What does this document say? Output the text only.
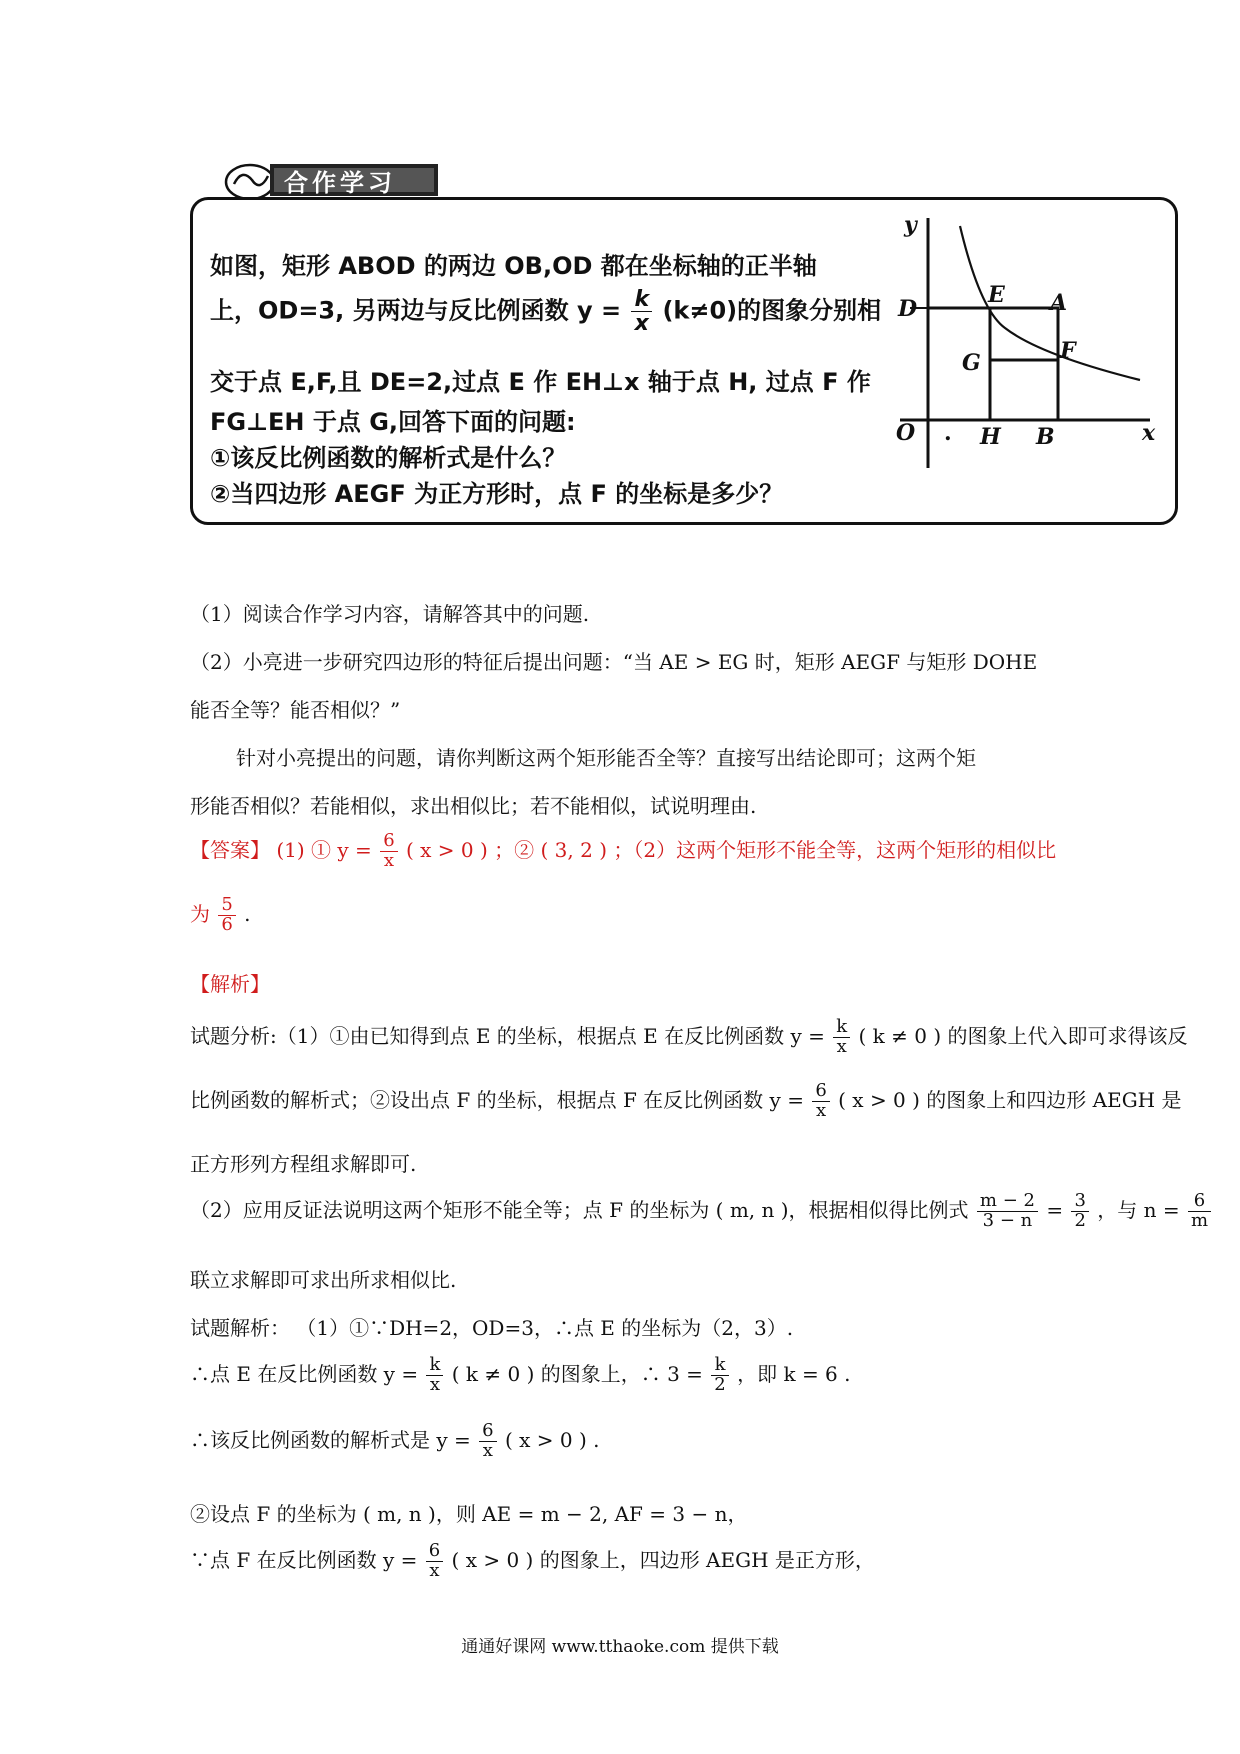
合作学习
如图，矩形 ABOD 的两边 OB,OD 都在坐标轴的正半轴
上，OD=3, 另两边与反比例函数 $y = \frac{k}{x} (k\ne 0)$的图象分别相
交于点 E,F,且 DE=2,过点 E 作 EH⊥x 轴于点 H, 过点 F 作
FG⊥EH 于点 G,回答下面的问题:
①该反比例函数的解析式是什么？
②当四边形 AEGF 为正方形时，点 F 的坐标是多少？
y
D
E A
F
G
O . H B	x
（1）阅读合作学习内容，请解答其中的问题.
（2）小亮进一步研究四边形的特征后提出问题：“当 AE > EG 时，矩形 AEGF 与矩形 DOHE
能否全等？能否相似？”
针对小亮提出的问题，请你判断这两个矩形能否全等？直接写出结论即可；这两个矩
形能否相似？若能相似，求出相似比；若不能相似，试说明理由.
【答案】 (1) ① $y = \frac{6}{x}$ ( x > 0 ) ；② ( 3, 2 ) ；（2）这两个矩形不能全等，这两个矩形的相似比
为 $\frac{5}{6}$ .
【解析】
试题分析:（1）①由已知得到点 E 的坐标，根据点 E 在反比例函数 $y = \frac{k}{x}$ ( k ≠ 0 ) 的图象上代入即可求得该反
比例函数的解析式；②设出点 F 的坐标，根据点 F 在反比例函数 $y = \frac{6}{x}$ ( x > 0 ) 的图象上和四边形 AEGH 是
正方形列方程组求解即可.
（2）应用反证法说明这两个矩形不能全等；点 F 的坐标为 ( m, n )，根据相似得比例式 $\frac{m - 2}{3 - n} = \frac{3}{2}$ ，与 $n = \frac{6}{m}$
联立求解即可求出所求相似比.
试题解析： （1）①∵DH=2，OD=3，∴点 E 的坐标为（2，3）.
∴点 E 在反比例函数 $y = \frac{k}{x}$ ( k ≠ 0 ) 的图象上，∴ $3 = \frac{k}{2}$ ，即 k = 6 .
∴该反比例函数的解析式是 $y = \frac{6}{x}$ ( x > 0 ) .
②设点 F 的坐标为 ( m, n )，则 AE = m − 2, AF = 3 − n，
∵点 F 在反比例函数 $y = \frac{6}{x}$ ( x > 0 ) 的图象上，四边形 AEGH 是正方形，
通通好课网 www.tthaoke.com 提供下载
